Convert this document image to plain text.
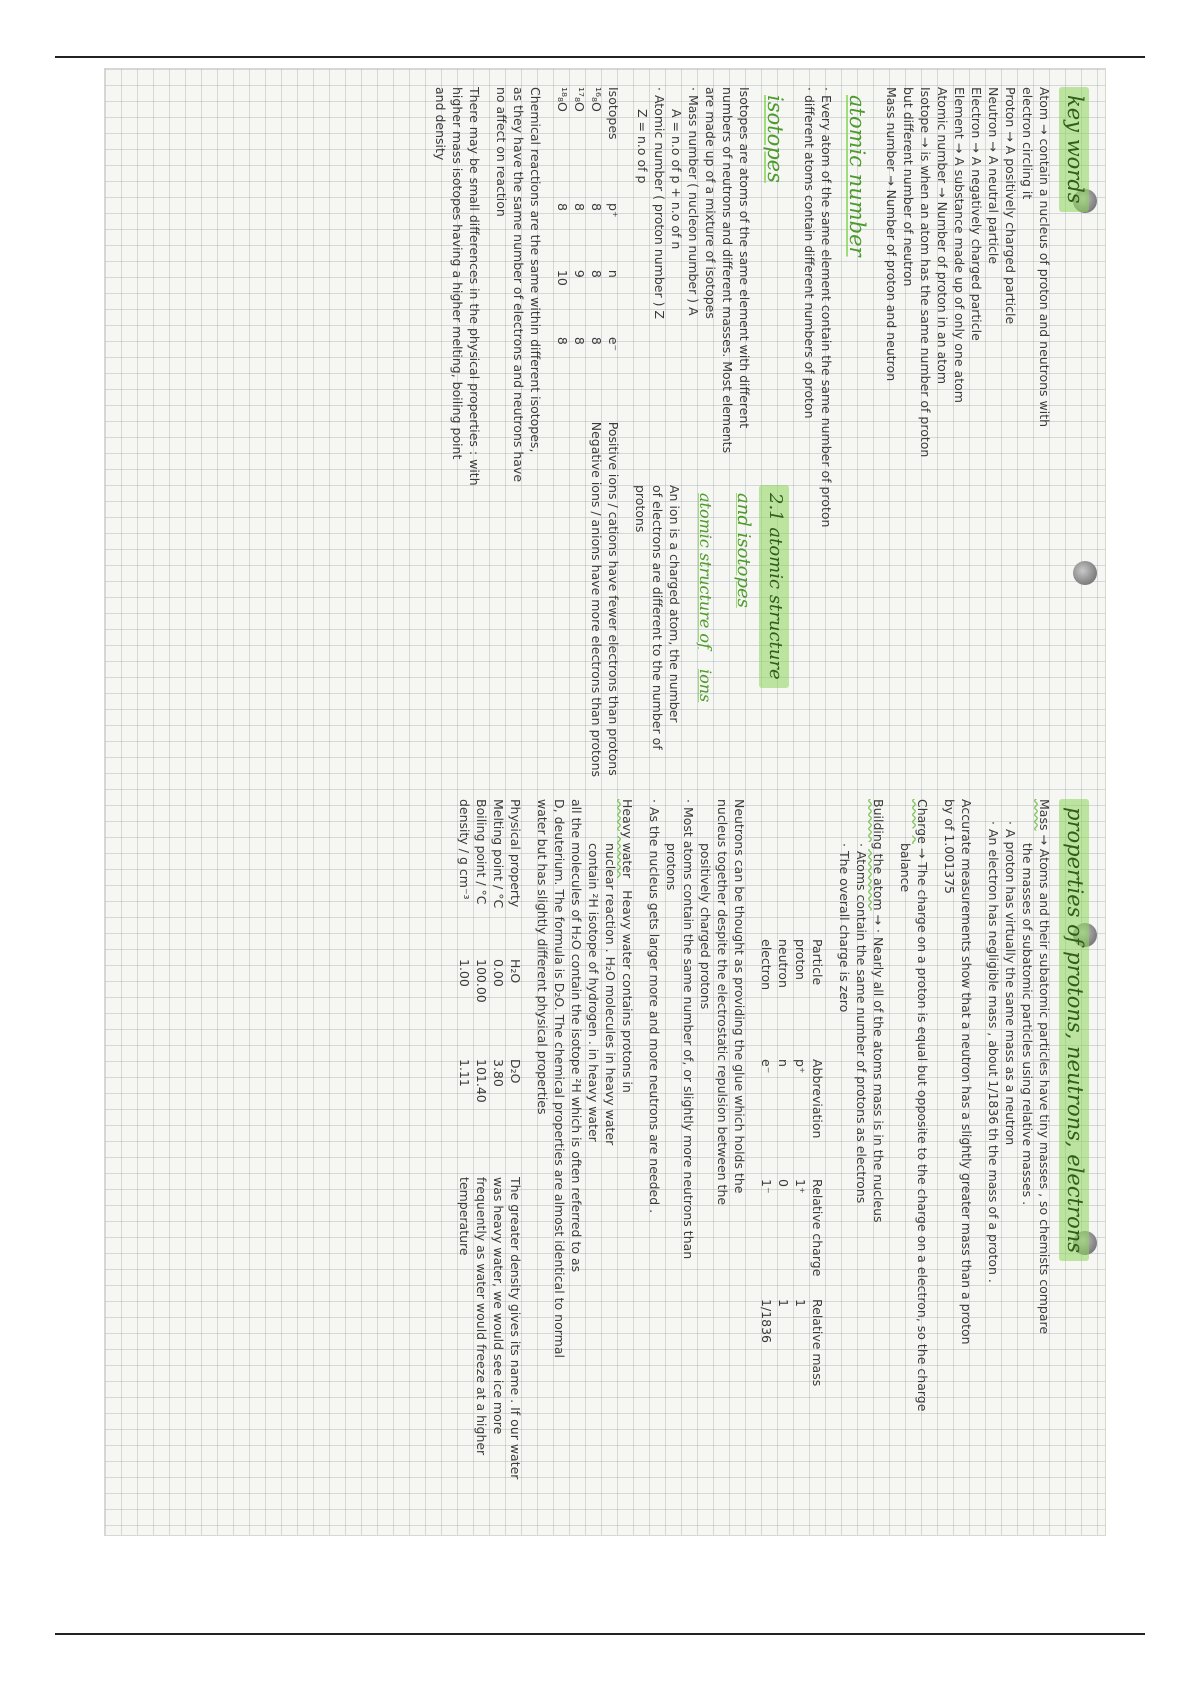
key words

Atom → contain a nucleus of proton and neutrons with

electron circling it

Proton → A positively charged particle

Neutron → A neutral particle

Electron → A negatively charged particle

Element → A substance made up of only one atom

Atomic number → Number of proton in an atom

Isotope → is when an atom has the same number of proton

but different number of neutron

Mass number → Number of proton and neutron

atomic number

· Every atom of the same element contain the same number of proton

· different atoms contain different numbers of proton

isotopes

Isotopes are atoms of the same element with different

numbers of neutrons and different masses. Most elements

are made up of a mixture of isotopes

· Mass number ( nucleon number ) A

A = n.o of p + n.o of n

· Atomic number ( proton number ) Z

Z = n.o of p

2.1 atomic structure
and isotopes
atomic structure of ions

An ion is a charged atom, the number

of electrons are different to the number of

protons

Isotopes	p⁺	n	e⁻
¹⁶₈O	8	8	8
¹⁷₈O	8	9	8
¹⁸₈O	8	10	8

Positive ions / cations have fewer electrons than protons

Negative ions / anions have more electrons than protons

Chemical reactions are the same within different isotopes,

as they have the same number of electrons and neutrons have

no affect on reaction

There may be small differences in the physical properties : with

higher mass isotopes having a higher melting, boiling point

and density

properties of protons, neutrons, electrons

Mass → Atoms and their subatomic particles have tiny masses , so chemists compare

the masses of subatomic particles using relative masses .

· A proton has virtually the same mass as a neutron

· An electron has negligible mass , about 1/1836 th the mass of a proton .

Accurate measurements show that a neutron has a slightly greater mass than a proton

by of 1.001375

Charge → The charge on a proton is equal but opposite to the charge on a electron, so the charge

balance

Building the atom → · Nearly all of the atoms mass is in the nucleus

· Atoms contain the same number of protons as electrons

· The overall charge is zero

Particle	Abbreviation	Relative charge	Relative mass
proton	p⁺	1⁺	1
neutron	n	0	1
electron	e⁻	1⁻	1/1836

Neutrons can be thought as providing the glue which holds the

nucleus together despite the electrostatic repulsion between the

positively charged protons

· Most atoms contain the same number of, or slightly more neutrons than

protons

· As the nucleus gets larger more and more neutrons are needed .

Heavy water   Heavy water contains protons in

nuclear reaction . H₂O molecules in heavy water

contain ²H isotope of hydrogen . in heavy water

all the molecules of H₂O contain the isotope ²H which is often referred to as

D, deuterium. The formula is D₂O. The chemical properties are almost identical to normal

water but has slightly different physical properties

Physical property	H₂O	D₂O
Melting point / °C	0.00	3.80
Boiling point / °C	100.00	101.40
density / g cm⁻³	1.00	1.11

The greater density gives its name . If our water

was heavy water, we would see ice more

frequently as water would freeze at a higher

temperature
